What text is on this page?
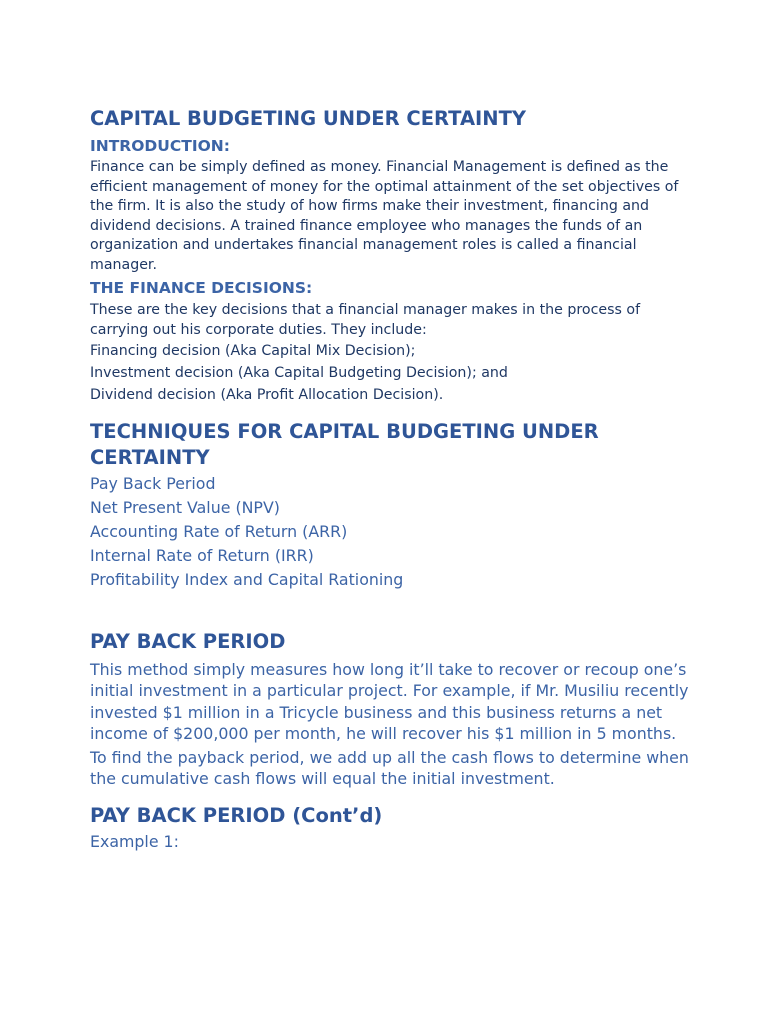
CAPITAL BUDGETING UNDER CERTAINTY
INTRODUCTION:

Finance can be simply defined as money. Financial Management is defined as the efficient management of money for the optimal attainment of the set objectives of the firm. It is also the study of how firms make their investment, financing and dividend decisions. A trained finance employee who manages the funds of an organization and undertakes financial management roles is called a financial manager.

THE FINANCE DECISIONS:

These are the key decisions that a financial manager makes in the process of carrying out his corporate duties. They include:

Financing decision (Aka Capital Mix Decision);
Investment decision (Aka Capital Budgeting Decision); and
Dividend decision (Aka Profit Allocation Decision).
TECHNIQUES FOR CAPITAL BUDGETING UNDER CERTAINTY
Pay Back Period
Net Present Value (NPV)
Accounting Rate of Return (ARR)
Internal Rate of Return (IRR)
Profitability Index and Capital Rationing
PAY BACK PERIOD

This method simply measures how long it’ll take to recover or recoup one’s initial investment in a particular project. For example, if Mr. Musiliu recently invested $1 million in a Tricycle business and this business returns a net income of $200,000 per month, he will recover his $1 million in 5 months.

To find the payback period, we add up all the cash flows to determine when the cumulative cash flows will equal the initial investment.

PAY BACK PERIOD (Cont’d)

Example 1:
